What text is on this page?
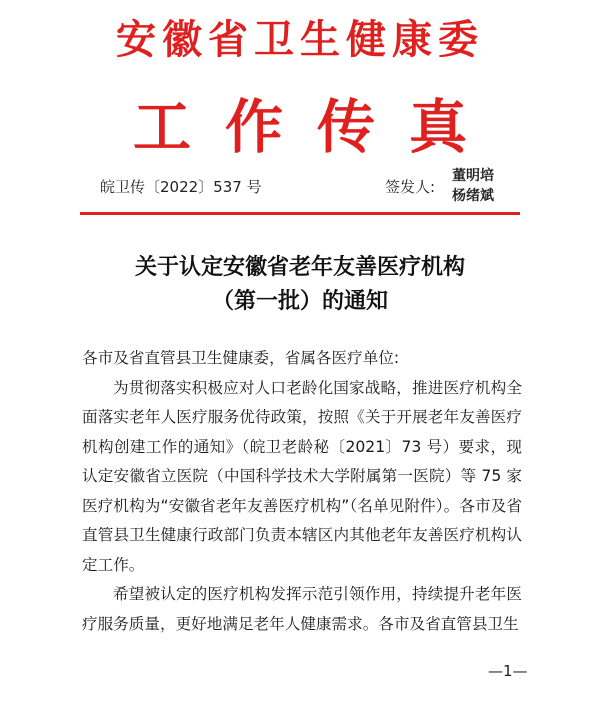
安徽省卫生健康委
工作传真
皖卫传〔2022〕537 号	签发人:
董明培
杨绪斌
关于认定安徽省老年友善医疗机构
（第一批）的通知

各市及省直管县卫生健康委，省属各医疗单位:

为贯彻落实积极应对人口老龄化国家战略，推进医疗机构全面落实老年人医疗服务优待政策，按照《关于开展老年友善医疗机构创建工作的通知》（皖卫老龄秘〔2021〕73 号）要求，现认定安徽省立医院（中国科学技术大学附属第一医院）等 75 家医疗机构为“安徽省老年友善医疗机构”（名单见附件）。各市及省直管县卫生健康行政部门负责本辖区内其他老年友善医疗机构认定工作。

希望被认定的医疗机构发挥示范引领作用，持续提升老年医疗服务质量，更好地满足老年人健康需求。各市及省直管县卫生

—1—
